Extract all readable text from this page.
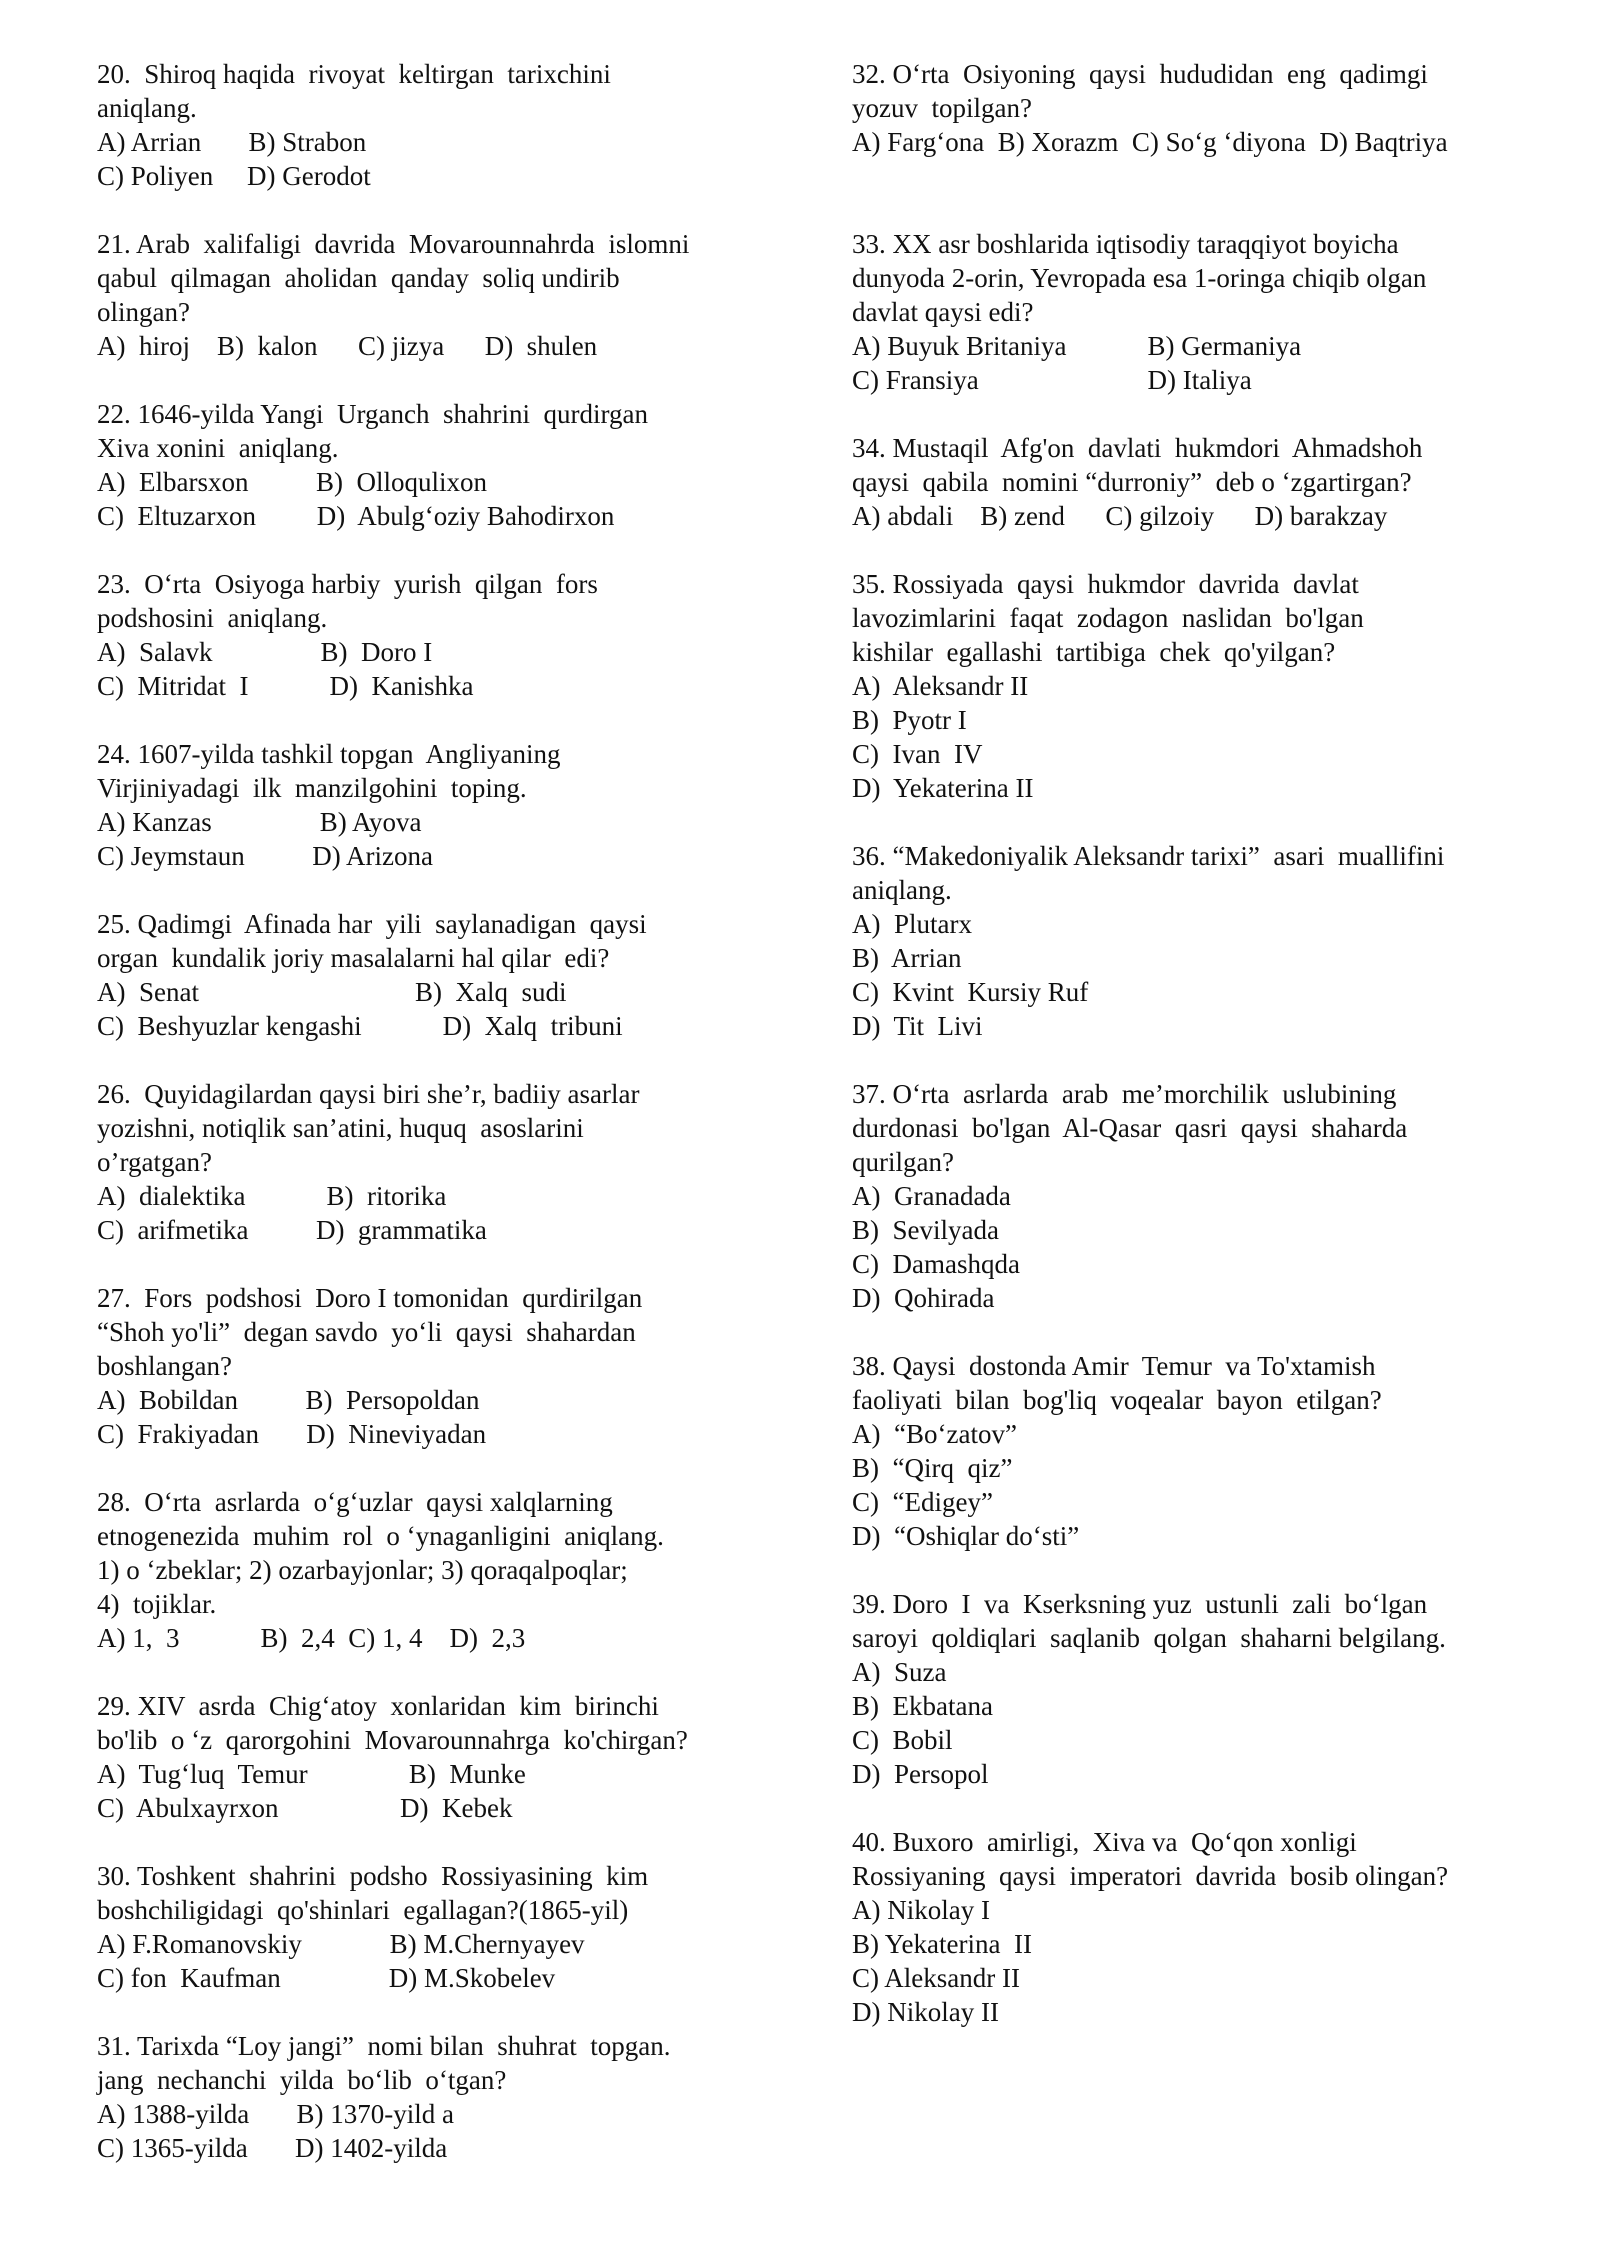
20.  Shiroq haqida  rivoyat  keltirgan  tarixchini
aniqlang.
A) Arrian       B) Strabon
C) Poliyen     D) Gerodot
21. Arab  xalifaligi  davrida  Movarounnahrda  islomni
qabul  qilmagan  aholidan  qanday  soliq undirib
olingan?
A)  hiroj    B)  kalon      C) jizya      D)  shulen
22. 1646-yilda Yangi  Urganch  shahrini  qurdirgan
Xiva xonini  aniqlang.
A)  Elbarsxon          B)  Olloqulixon
C)  Eltuzarxon         D)  Abulg‘oziy Bahodirxon
23.  O‘rta  Osiyoga harbiy  yurish  qilgan  fors
podshosini  aniqlang.
A)  Salavk                B)  Doro I
C)  Mitridat  I            D)  Kanishka
24. 1607-yilda tashkil topgan  Angliyaning
Virjiniyadagi  ilk  manzilgohini  toping.
A) Kanzas                B) Ayova
C) Jeymstaun          D) Arizona
25. Qadimgi  Afinada har  yili  saylanadigan  qaysi
organ  kundalik joriy masalalarni hal qilar  edi?
A)  Senat                                B)  Xalq  sudi
C)  Beshyuzlar kengashi            D)  Xalq  tribuni
26.  Quyidagilardan qaysi biri she’r, badiiy asarlar
yozishni, notiqlik san’atini, huquq  asoslarini
o’rgatgan?
A)  dialektika            B)  ritorika
C)  arifmetika          D)  grammatika
27.  Fors  podshosi  Doro I tomonidan  qurdirilgan
“Shoh yo'li”  degan savdo  yo‘li  qaysi  shahardan
boshlangan?
A)  Bobildan          B)  Persopoldan
C)  Frakiyadan       D)  Nineviyadan
28.  O‘rta  asrlarda  o‘g‘uzlar  qaysi xalqlarning
etnogenezida  muhim  rol  o ‘ynaganligini  aniqlang.
1) o ‘zbeklar; 2) ozarbayjonlar; 3) qoraqalpoqlar;
4)  tojiklar.
A) 1,  3            B)  2,4  C) 1, 4    D)  2,3
29. XIV  asrda  Chig‘atoy  xonlaridan  kim  birinchi
bo'lib  o ‘z  qarorgohini  Movarounnahrga  ko'chirgan?
A)  Tug‘luq  Temur               B)  Munke
C)  Abulxayrxon                  D)  Kebek
30. Toshkent  shahrini  podsho  Rossiyasining  kim
boshchiligidagi  qo'shinlari  egallagan?(1865-yil)
A) F.Romanovskiy             B) M.Chernyayev
C) fon  Kaufman                D) M.Skobelev
31. Tarixda “Loy jangi”  nomi bilan  shuhrat  topgan.
jang  nechanchi  yilda  bo‘lib  o‘tgan?
A) 1388-yilda       B) 1370-yild a
C) 1365-yilda       D) 1402-yilda
32. O‘rta  Osiyoning  qaysi  hududidan  eng  qadimgi
yozuv  topilgan?
A) Farg‘ona  B) Xorazm  C) So‘g ‘diyona  D) Baqtriya

33. XX asr boshlarida iqtisodiy taraqqiyot boyicha
dunyoda 2-orin, Yevropada esa 1-oringa chiqib olgan
davlat qaysi edi?
A) Buyuk Britaniya            B) Germaniya
C) Fransiya                         D) Italiya
34. Mustaqil  Afg'on  davlati  hukmdori  Ahmadshoh
qaysi  qabila  nomini “durroniy”  deb o ‘zgartirgan?
A) abdali    B) zend      C) gilzoiy      D) barakzay
35. Rossiyada  qaysi  hukmdor  davrida  davlat
lavozimlarini  faqat  zodagon  naslidan  bo'lgan
kishilar  egallashi  tartibiga  chek  qo'yilgan?
A)  Aleksandr II
B)  Pyotr I
C)  Ivan  IV
D)  Yekaterina II
36. “Makedoniyalik Aleksandr tarixi”  asari  muallifini
aniqlang.
A)  Plutarx
B)  Arrian
C)  Kvint  Kursiy Ruf
D)  Tit  Livi
37. O‘rta  asrlarda  arab  me’morchilik  uslubining
durdonasi  bo'lgan  Al-Qasar  qasri  qaysi  shaharda
qurilgan?
A)  Granadada
B)  Sevilyada
C)  Damashqda
D)  Qohirada
38. Qaysi  dostonda Amir  Temur  va To'xtamish
faoliyati  bilan  bog'liq  voqealar  bayon  etilgan?
A)  “Bo‘zatov”
B)  “Qirq  qiz”
C)  “Edigey”
D)  “Oshiqlar do‘sti”
39. Doro  I  va  Kserksning yuz  ustunli  zali  bo‘lgan
saroyi  qoldiqlari  saqlanib  qolgan  shaharni belgilang.
A)  Suza
B)  Ekbatana
C)  Bobil
D)  Persopol
40. Buxoro  amirligi,  Xiva va  Qo‘qon xonligi
Rossiyaning  qaysi  imperatori  davrida  bosib olingan?
A) Nikolay I
B) Yekaterina  II
C) Aleksandr II
D) Nikolay II
